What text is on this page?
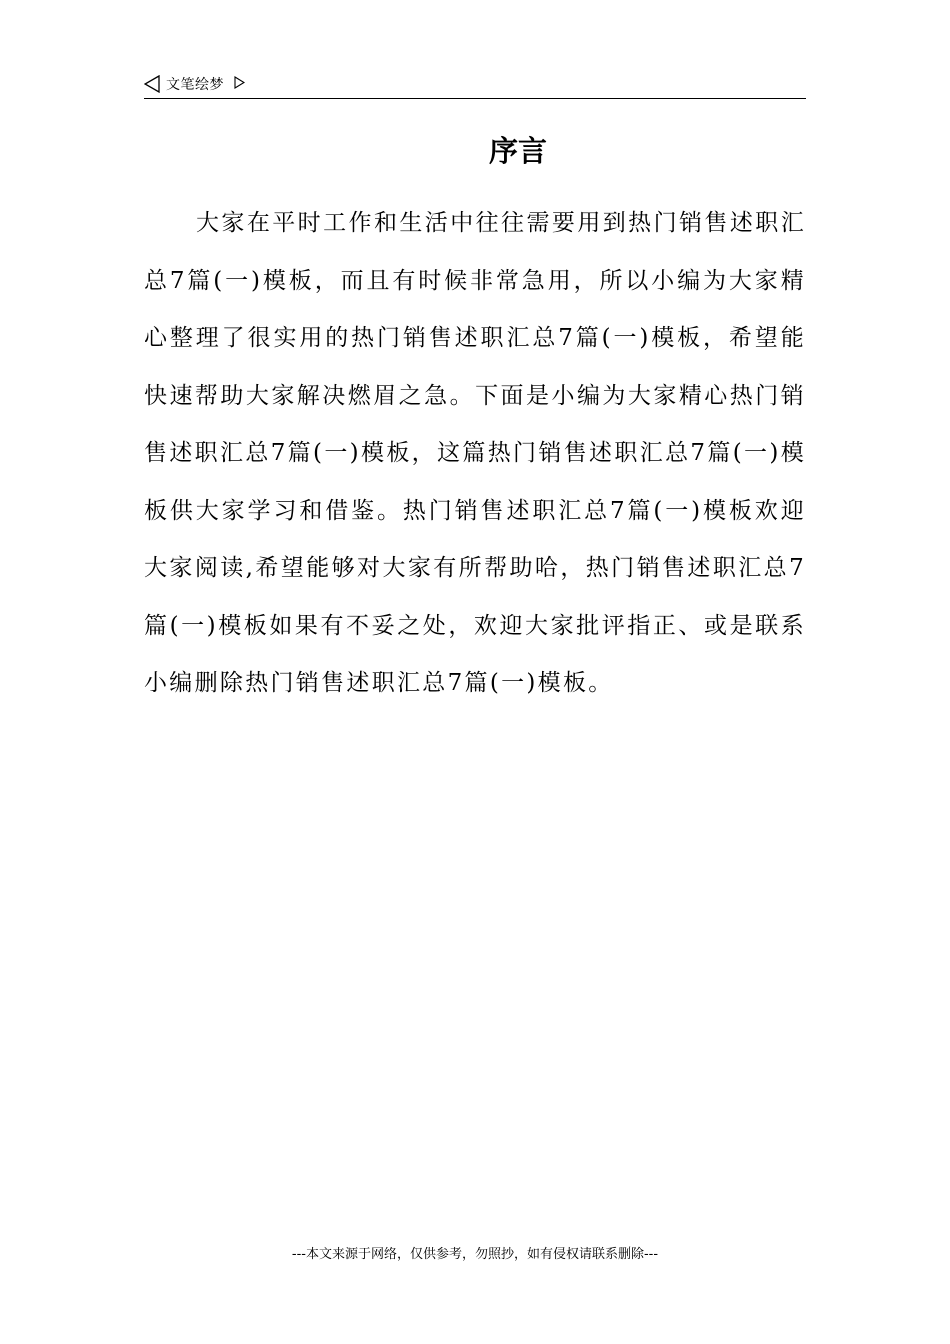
文笔绘梦
序言

大家在平时工作和生活中往往需要用到热门销售述职汇总7篇(一)模板，而且有时候非常急用，所以小编为大家精心整理了很实用的热门销售述职汇总7篇(一)模板，希望能快速帮助大家解决燃眉之急。下面是小编为大家精心热门销售述职汇总7篇(一)模板，这篇热门销售述职汇总7篇(一)模板供大家学习和借鉴。热门销售述职汇总7篇(一)模板欢迎大家阅读,希望能够对大家有所帮助哈，热门销售述职汇总7篇(一)模板如果有不妥之处，欢迎大家批评指正、或是联系小编删除热门销售述职汇总7篇(一)模板。

---本文来源于网络，仅供参考，勿照抄，如有侵权请联系删除---
